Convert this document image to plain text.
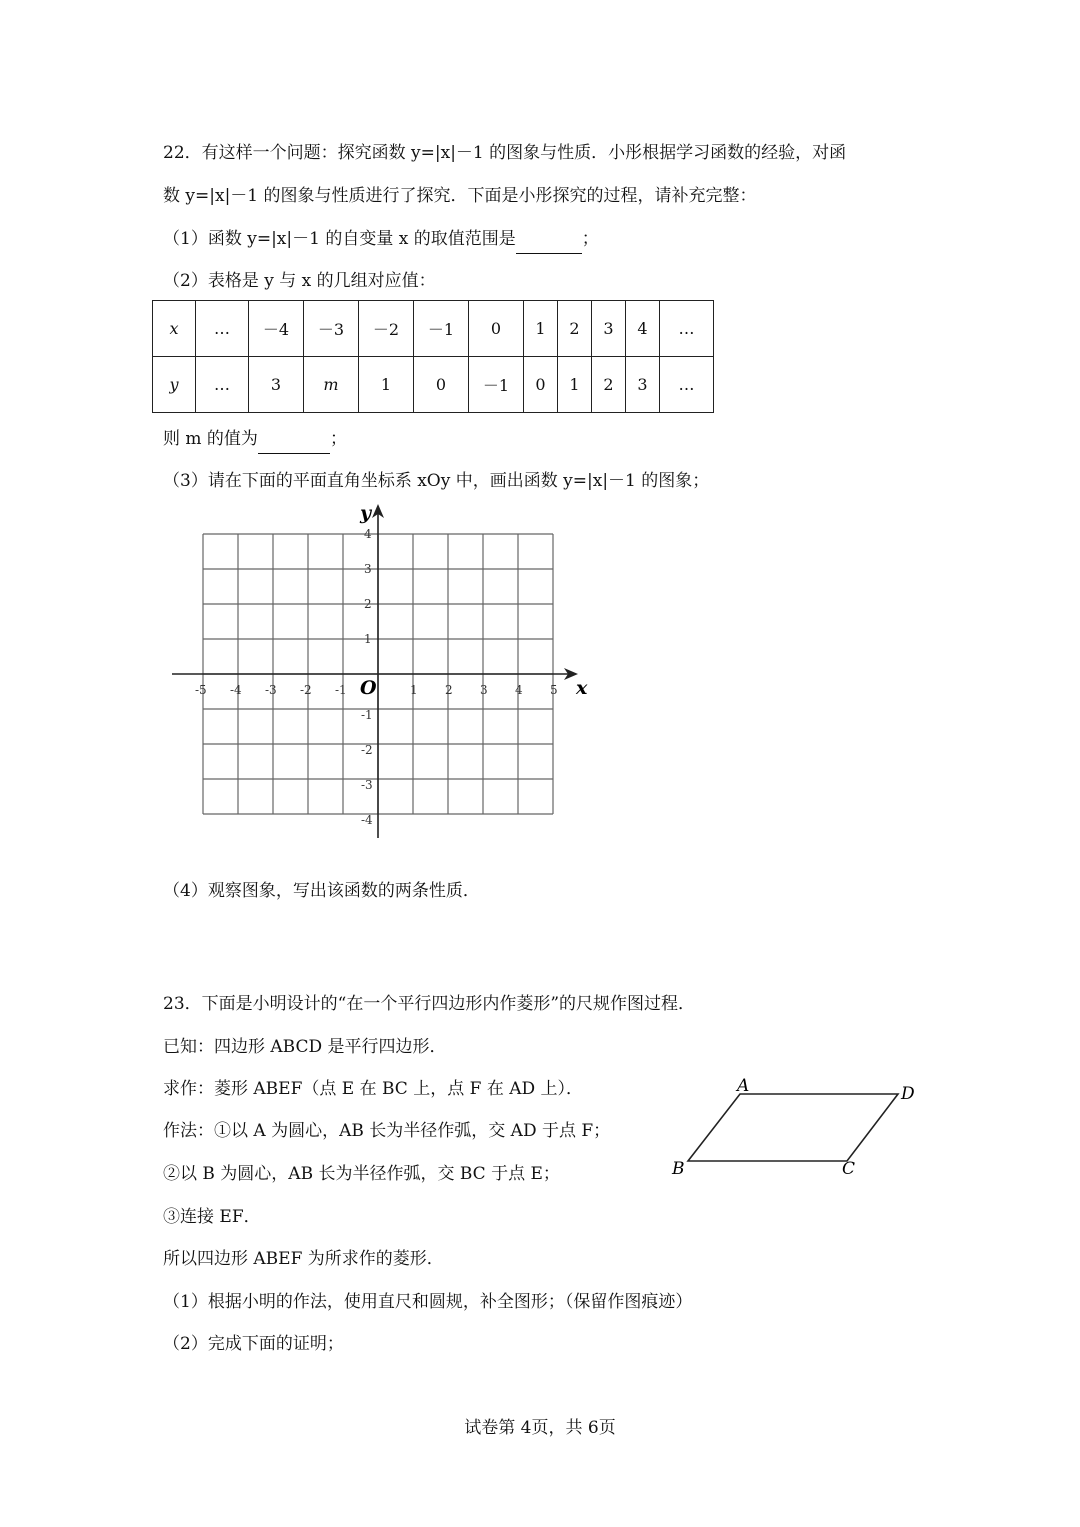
22．有这样一个问题：探究函数 y=|x|－1 的图象与性质．小彤根据学习函数的经验，对函
数 y=|x|－1 的图象与性质进行了探究．下面是小彤探究的过程，请补充完整：
（1）函数 y=|x|－1 的自变量 x 的取值范围是	；
（2）表格是 y 与 x 的几组对应值：
x	…	－4	－3	－2	－1	0	1	2	3	4	…
y	…	3	m	1	0	－1	0	1	2	3	…
则 m 的值为	；
（3）请在下面的平面直角坐标系 xOy 中，画出函数 y=|x|－1 的图象；
-5 -4 -3 -2 -1	1 2 3 4 5
4
3
2
1
-1
-2
-3
-4
x
y
O
（4）观察图象，写出该函数的两条性质．
23．下面是小明设计的“在一个平行四边形内作菱形”的尺规作图过程．
已知：四边形 ABCD 是平行四边形．
求作：菱形 ABEF（点 E 在 BC 上，点 F 在 AD 上）．
作法：①以 A 为圆心，AB 长为半径作弧，交 AD 于点 F；
②以 B 为圆心，AB 长为半径作弧，交 BC 于点 E；
③连接 EF．
所以四边形 ABEF 为所求作的菱形．
（1）根据小明的作法，使用直尺和圆规，补全图形；（保留作图痕迹）
（2）完成下面的证明；
A	D
B	C
试卷第 4页，共 6页
